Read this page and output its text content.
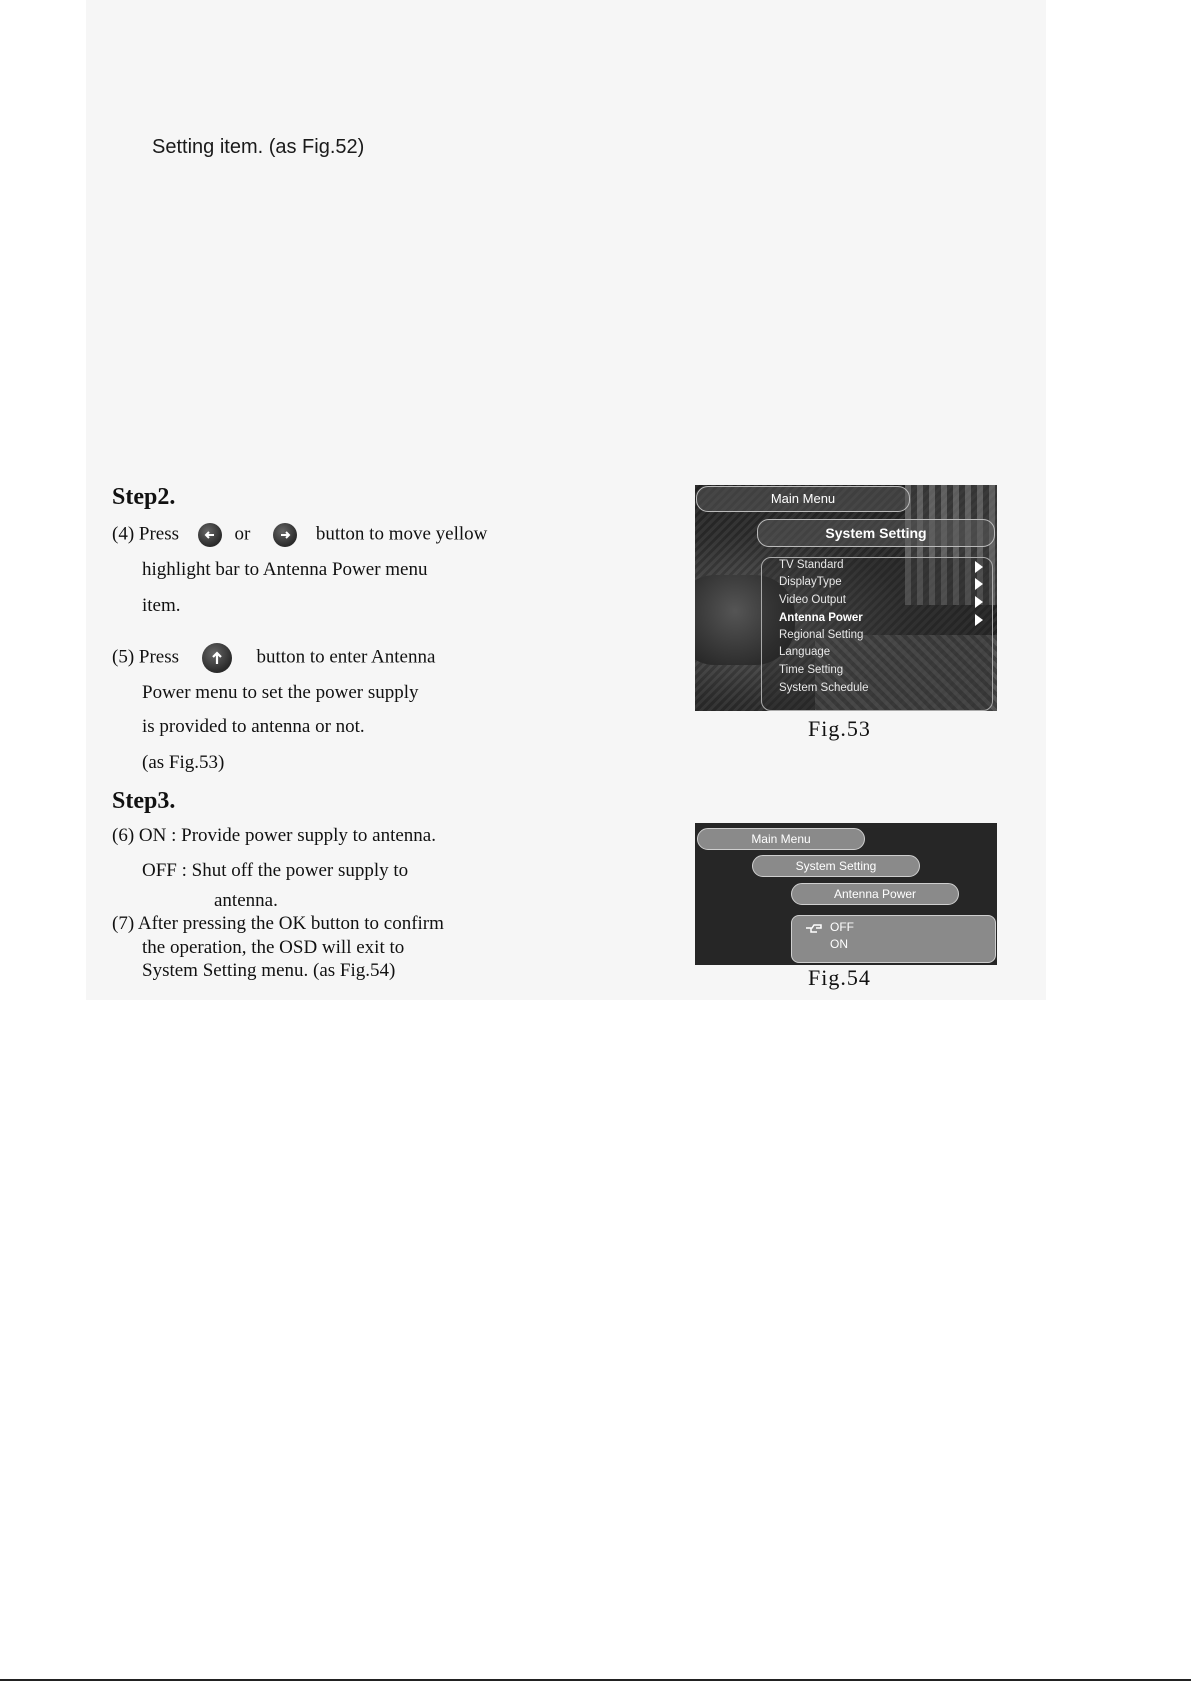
Setting item. (as Fig.52)
Step2.
(4) Press	or	button to move yellow
highlight bar to Antenna Power menu
item.
(5) Press	button to enter Antenna
Power menu to set the power supply
is provided to antenna or not.
(as Fig.53)
Step3.
(6) ON : Provide power supply to antenna.
OFF : Shut off the power supply to
antenna.
(7) After pressing the OK button to confirm
the operation, the OSD will exit to
System Setting menu. (as Fig.54)
Main Menu
System Setting
TV Standard
DisplayType
Video Output
Antenna Power
Regional Setting
Language
Time Setting
System Schedule
Fig.53
Main Menu
System Setting
Antenna Power
OFF
ON
Fig.54
